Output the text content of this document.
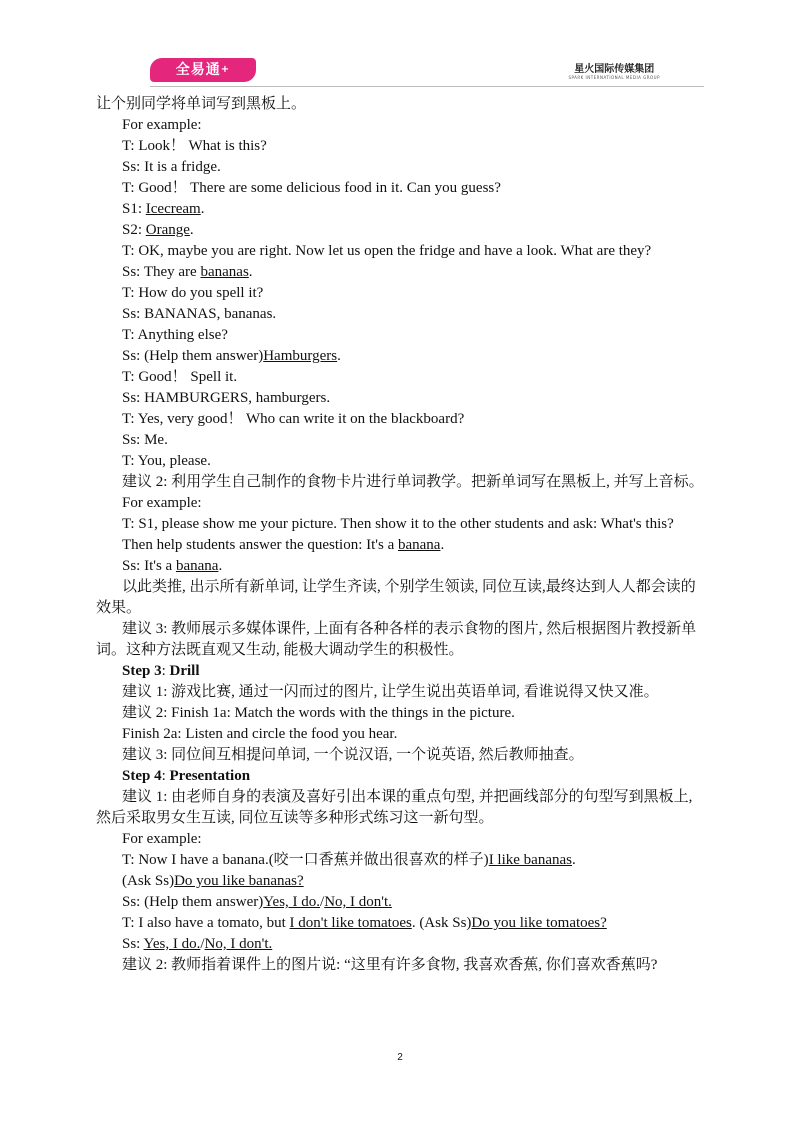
全易通+	星火国际传媒集团
SPARK INTERNATIONAL MEDIA GROUP

让个别同学将单词写到黑板上。

For example:

T: Look！ What is this?

Ss: It is a fridge.

T: Good！ There are some delicious food in it. Can you guess?

S1: Icecream.

S2: Orange.

T: OK, maybe you are right. Now let us open the fridge and have a look. What are they?

Ss: They are bananas.

T: How do you spell it?

Ss: BANANAS, bananas.

T: Anything else?

Ss: (Help them answer)Hamburgers.

T: Good！ Spell it.

Ss: HAMBURGERS, hamburgers.

T: Yes, very good！ Who can write it on the blackboard?

Ss: Me.

T: You, please.

建议 2: 利用学生自己制作的食物卡片进行单词教学。把新单词写在黑板上, 并写上音标。

For example:

T: S1, please show me your picture. Then show it to the other students and ask: What's this?

Then help students answer the question: It's a banana.

Ss: It's a banana.

以此类推, 出示所有新单词, 让学生齐读, 个别学生领读, 同位互读,最终达到人人都会读的效果。

建议 3: 教师展示多媒体课件, 上面有各种各样的表示食物的图片, 然后根据图片教授新单词。这种方法既直观又生动, 能极大调动学生的积极性。

Step 3: Drill

建议 1: 游戏比赛, 通过一闪而过的图片, 让学生说出英语单词, 看谁说得又快又准。

建议 2: Finish 1a: Match the words with the things in the picture.

Finish 2a: Listen and circle the food you hear.

建议 3: 同位间互相提问单词, 一个说汉语, 一个说英语, 然后教师抽查。

Step 4: Presentation

建议 1: 由老师自身的表演及喜好引出本课的重点句型, 并把画线部分的句型写到黑板上, 然后采取男女生互读, 同位互读等多种形式练习这一新句型。

For example:

T: Now I have a banana.(咬一口香蕉并做出很喜欢的样子)I like bananas.

(Ask Ss)Do you like bananas?

Ss: (Help them answer)Yes, I do./No, I don't.

T: I also have a tomato, but I don't like tomatoes. (Ask Ss)Do you like tomatoes?

Ss: Yes, I do./No, I don't.

建议 2: 教师指着课件上的图片说: “这里有许多食物, 我喜欢香蕉, 你们喜欢香蕉吗?

2
